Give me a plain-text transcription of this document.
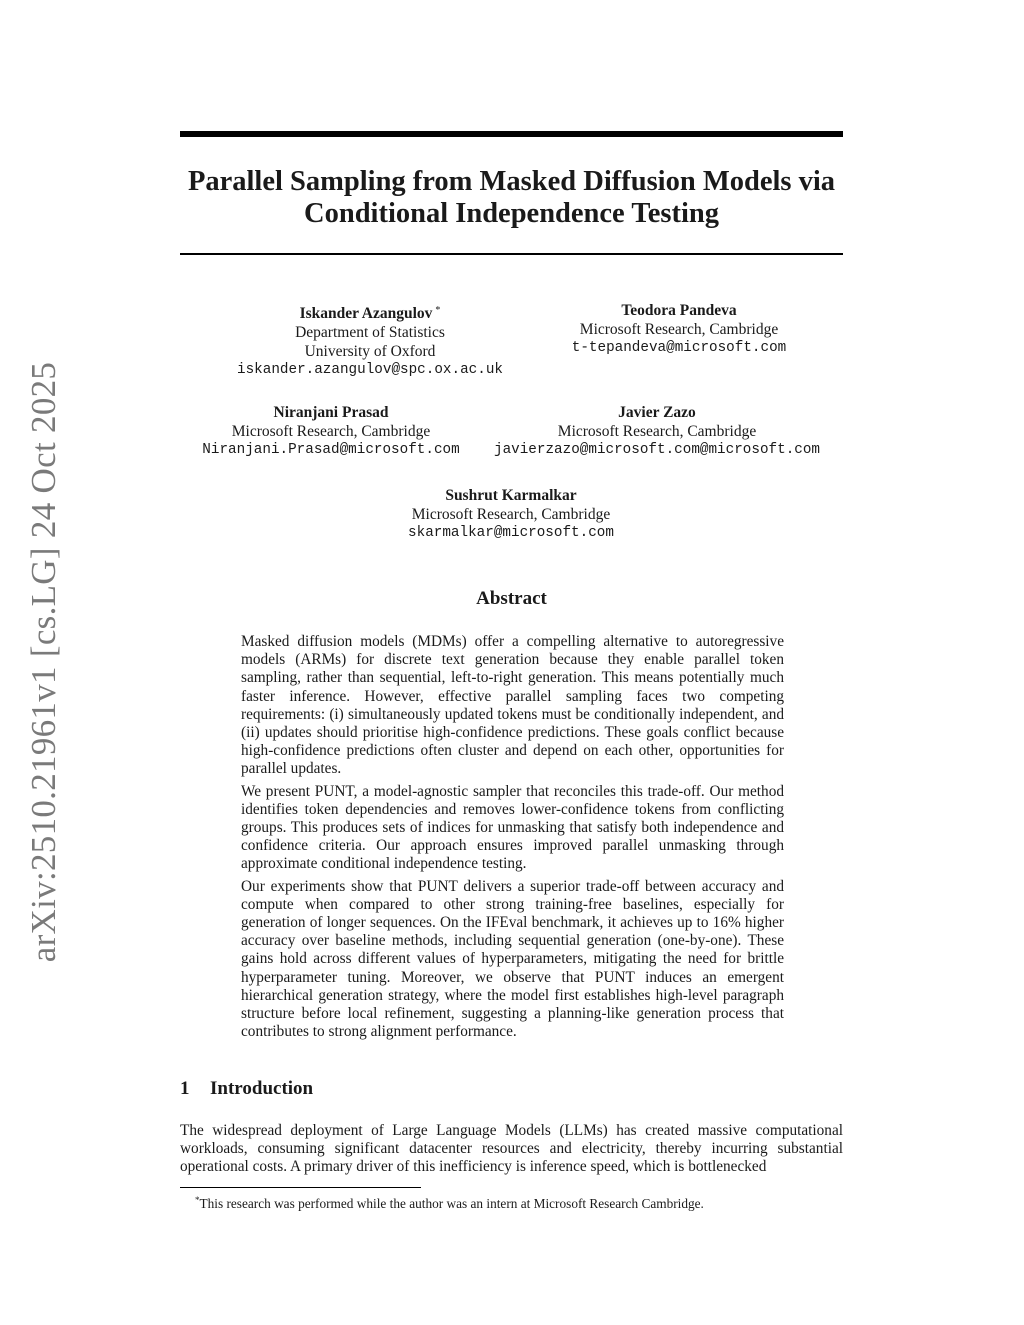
arXiv:2510.21961v1 [cs.LG] 24 Oct 2025
Parallel Sampling from Masked Diffusion Models via
Conditional Independence Testing
Iskander Azangulov *
Department of Statistics
University of Oxford
iskander.azangulov@spc.ox.ac.uk
Teodora Pandeva
Microsoft Research, Cambridge
t-tepandeva@microsoft.com
Niranjani Prasad
Microsoft Research, Cambridge
Niranjani.Prasad@microsoft.com
Javier Zazo
Microsoft Research, Cambridge
javierzazo@microsoft.com@microsoft.com
Sushrut Karmalkar
Microsoft Research, Cambridge
skarmalkar@microsoft.com
Abstract

Masked diffusion models (MDMs) offer a compelling alternative to autoregressive models (ARMs) for discrete text generation because they enable parallel token sampling, rather than sequential, left-to-right generation. This means potentially much faster inference. However, effective parallel sampling faces two competing requirements: (i) simultaneously updated tokens must be conditionally independent, and (ii) updates should prioritise high-confidence predictions. These goals conflict because high-confidence predictions often cluster and depend on each other, opportunities for parallel updates.

We present PUNT, a model-agnostic sampler that reconciles this trade-off. Our method identifies token dependencies and removes lower-confidence tokens from conflicting groups. This produces sets of indices for unmasking that satisfy both independence and confidence criteria. Our approach ensures improved parallel unmasking through approximate conditional independence testing.

Our experiments show that PUNT delivers a superior trade-off between accuracy and compute when compared to other strong training-free baselines, especially for generation of longer sequences. On the IFEval benchmark, it achieves up to 16% higher accuracy over baseline methods, including sequential generation (one-by-one). These gains hold across different values of hyperparameters, mitigating the need for brittle hyperparameter tuning. Moreover, we observe that PUNT induces an emergent hierarchical generation strategy, where the model first establishes high-level paragraph structure before local refinement, suggesting a planning-like generation process that contributes to strong alignment performance.

1 Introduction

The widespread deployment of Large Language Models (LLMs) has created massive computational workloads, consuming significant datacenter resources and electricity, thereby incurring substantial operational costs. A primary driver of this inefficiency is inference speed, which is bottlenecked

*This research was performed while the author was an intern at Microsoft Research Cambridge.
